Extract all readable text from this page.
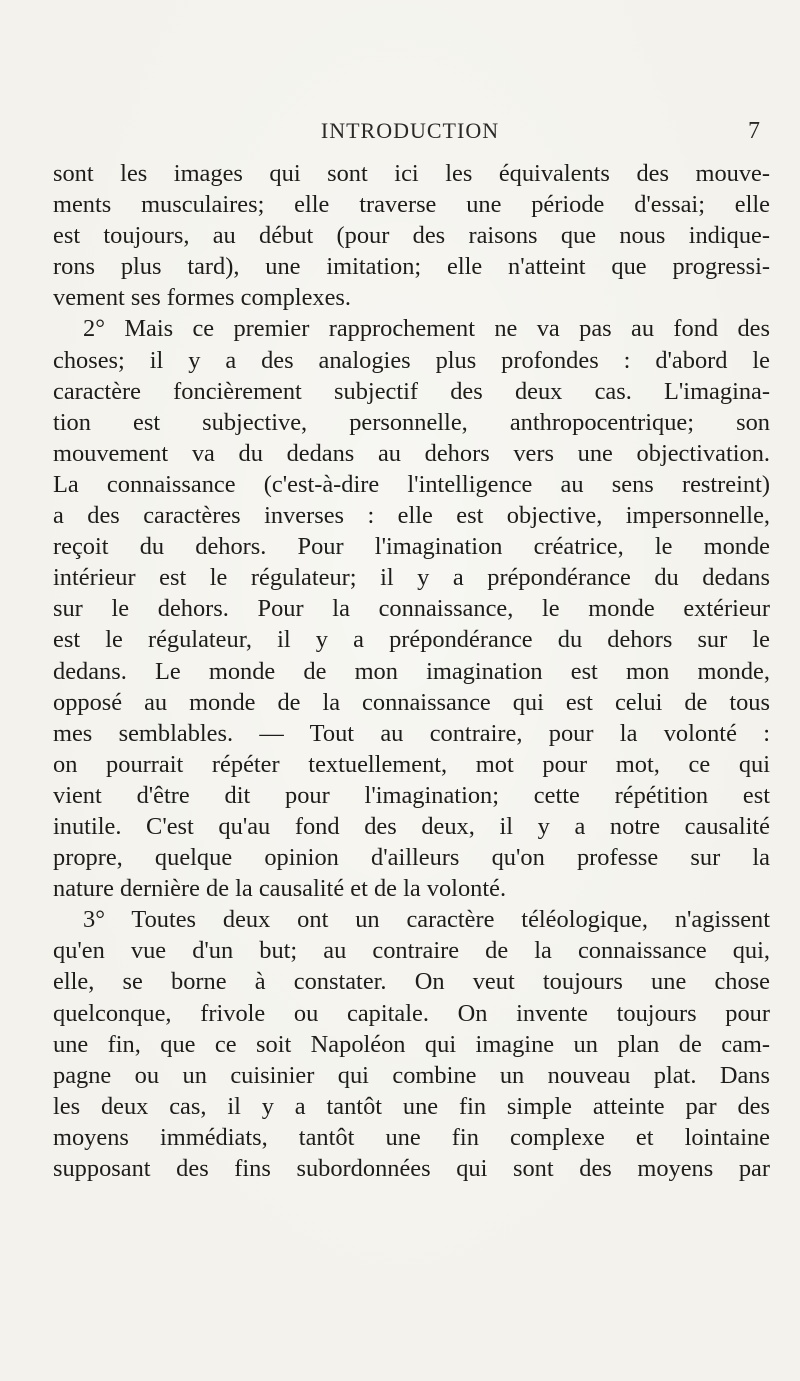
INTRODUCTION	7
sont les images qui sont ici les équivalents des mouve-
ments musculaires; elle traverse une période d'essai; elle
est toujours, au début (pour des raisons que nous indique-
rons plus tard), une imitation; elle n'atteint que progressi-
vement ses formes complexes.
2° Mais ce premier rapprochement ne va pas au fond des
choses; il y a des analogies plus profondes : d'abord le
caractère foncièrement subjectif des deux cas. L'imagina-
tion est subjective, personnelle, anthropocentrique; son
mouvement va du dedans au dehors vers une objectivation.
La connaissance (c'est-à-dire l'intelligence au sens restreint)
a des caractères inverses : elle est objective, impersonnelle,
reçoit du dehors. Pour l'imagination créatrice, le monde
intérieur est le régulateur; il y a prépondérance du dedans
sur le dehors. Pour la connaissance, le monde extérieur
est le régulateur, il y a prépondérance du dehors sur le
dedans. Le monde de mon imagination est mon monde,
opposé au monde de la connaissance qui est celui de tous
mes semblables. — Tout au contraire, pour la volonté :
on pourrait répéter textuellement, mot pour mot, ce qui
vient d'être dit pour l'imagination; cette répétition est
inutile. C'est qu'au fond des deux, il y a notre causalité
propre, quelque opinion d'ailleurs qu'on professe sur la
nature dernière de la causalité et de la volonté.
3° Toutes deux ont un caractère téléologique, n'agissent
qu'en vue d'un but; au contraire de la connaissance qui,
elle, se borne à constater. On veut toujours une chose
quelconque, frivole ou capitale. On invente toujours pour
une fin, que ce soit Napoléon qui imagine un plan de cam-
pagne ou un cuisinier qui combine un nouveau plat. Dans
les deux cas, il y a tantôt une fin simple atteinte par des
moyens immédiats, tantôt une fin complexe et lointaine
supposant des fins subordonnées qui sont des moyens par
